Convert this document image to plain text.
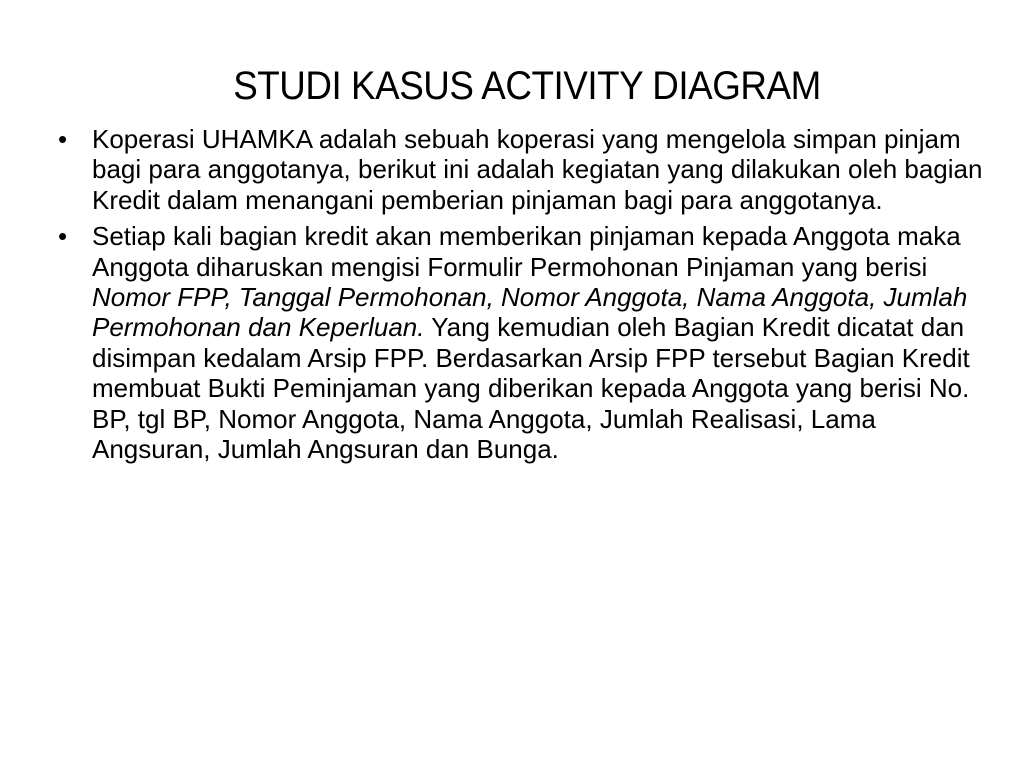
STUDI KASUS ACTIVITY DIAGRAM
• Koperasi UHAMKA adalah sebuah koperasi yang mengelola simpan pinjam bagi para anggotanya, berikut ini adalah kegiatan yang dilakukan oleh bagian Kredit dalam menangani pemberian pinjaman bagi para anggotanya.
• Setiap kali bagian kredit akan memberikan pinjaman kepada Anggota maka Anggota diharuskan mengisi Formulir Permohonan Pinjaman yang berisi Nomor FPP, Tanggal Permohonan, Nomor Anggota, Nama Anggota, Jumlah Permohonan dan Keperluan. Yang kemudian oleh Bagian Kredit dicatat dan disimpan kedalam Arsip FPP. Berdasarkan Arsip FPP tersebut Bagian Kredit membuat Bukti Peminjaman yang diberikan kepada Anggota yang berisi No. BP, tgl BP, Nomor Anggota, Nama Anggota, Jumlah Realisasi, Lama Angsuran, Jumlah Angsuran dan Bunga.
